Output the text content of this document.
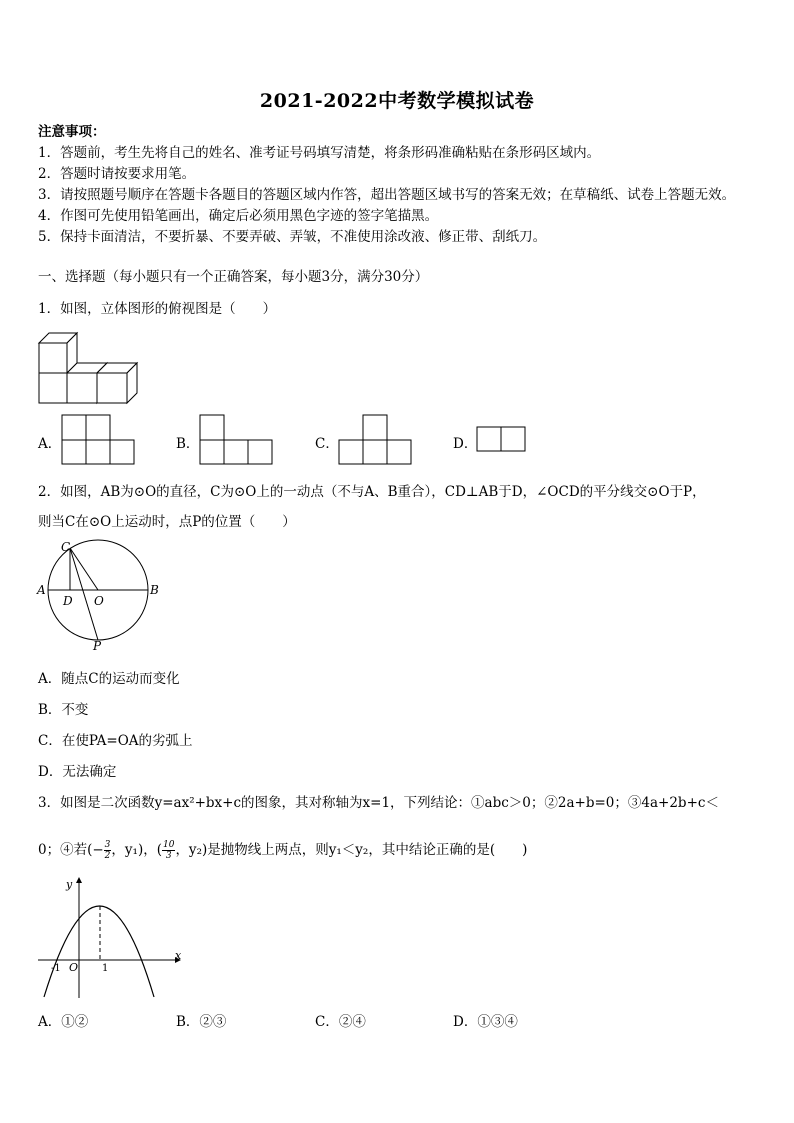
2021-2022中考数学模拟试卷
注意事项：
1．答题前，考生先将自己的姓名、准考证号码填写清楚，将条形码准确粘贴在条形码区域内。
2．答题时请按要求用笔。
3．请按照题号顺序在答题卡各题目的答题区域内作答，超出答题区域书写的答案无效；在草稿纸、试卷上答题无效。
4．作图可先使用铅笔画出，确定后必须用黑色字迹的签字笔描黑。
5．保持卡面清洁，不要折暴、不要弄破、弄皱，不准使用涂改液、修正带、刮纸刀。
一、选择题（每小题只有一个正确答案，每小题3分，满分30分）
1．如图，立体图形的俯视图是（　　）
A．	B．	C．	D．
2．如图，AB为⊙O的直径，C为⊙O上的一动点（不与A、B重合），CD⊥AB于D，∠OCD的平分线交⊙O于P，
则当C在⊙O上运动时，点P的位置（　　）
C
A
D O
B
P
A．随点C的运动而变化
B．不变
C．在使PA=OA的劣弧上
D．无法确定
3．如图是二次函数y=ax²+bx+c的图象，其对称轴为x=1，下列结论：①abc＞0；②2a+b=0；③4a+2b+c＜
0；④若(− $\frac{3}{2}$ ，y₁)，( $\frac{10}{3}$ ，y₂)是抛物线上两点，则y₁＜y₂，其中结论正确的是(　　)
y
x
O
-1	1
A．①②	B．②③	C．②④	D．①③④
